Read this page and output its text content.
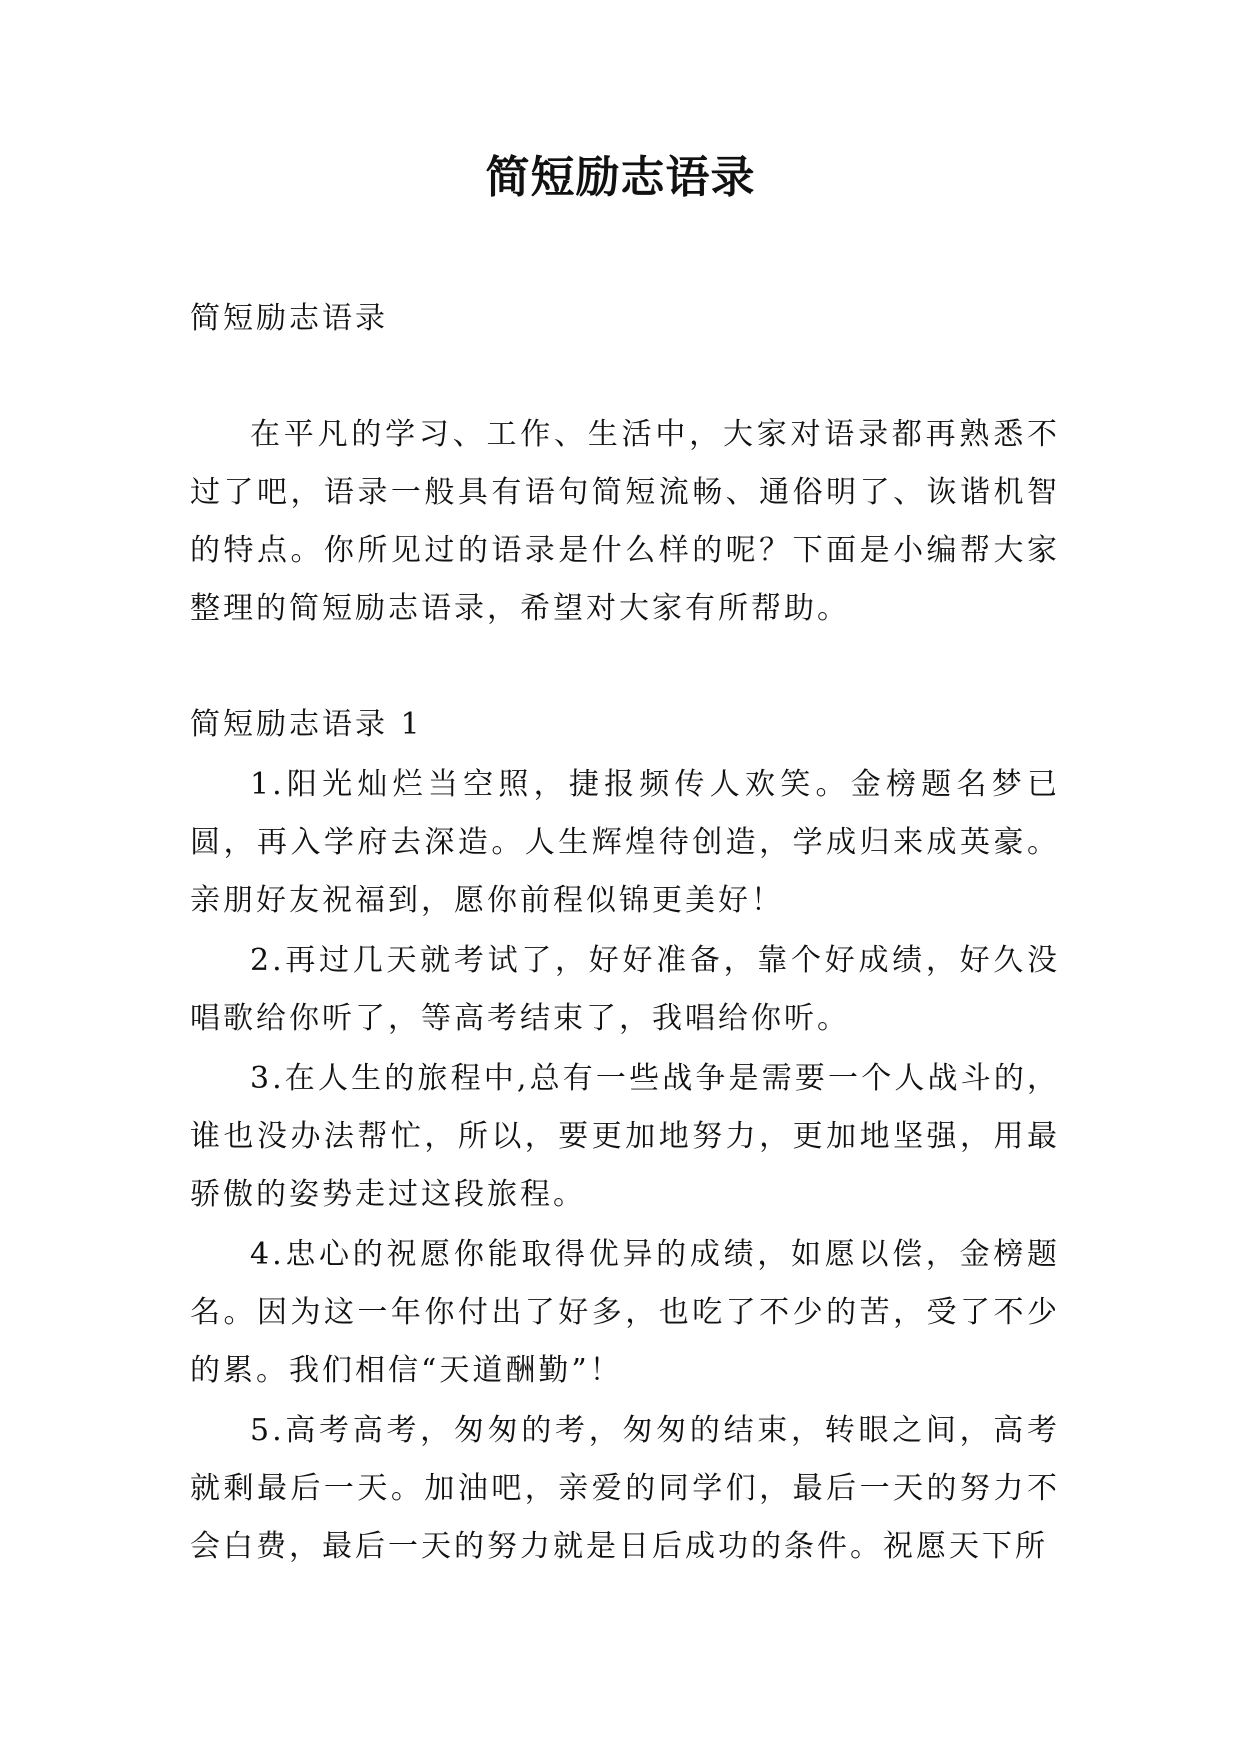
简短励志语录

简短励志语录

在平凡的学习、工作、生活中，大家对语录都再熟悉不过了吧，语录一般具有语句简短流畅、通俗明了、诙谐机智的特点。你所见过的语录是什么样的呢？下面是小编帮大家整理的简短励志语录，希望对大家有所帮助。

简短励志语录 1

1.阳光灿烂当空照，捷报频传人欢笑。金榜题名梦已圆，再入学府去深造。人生辉煌待创造，学成归来成英豪。亲朋好友祝福到，愿你前程似锦更美好！

2.再过几天就考试了，好好准备，靠个好成绩，好久没唱歌给你听了，等高考结束了，我唱给你听。

3.在人生的旅程中,总有一些战争是需要一个人战斗的，谁也没办法帮忙，所以，要更加地努力，更加地坚强，用最骄傲的姿势走过这段旅程。

4.忠心的祝愿你能取得优异的成绩，如愿以偿，金榜题名。因为这一年你付出了好多，也吃了不少的苦，受了不少的累。我们相信“天道酬勤”！

5.高考高考，匆匆的考，匆匆的结束，转眼之间，高考就剩最后一天。加油吧，亲爱的同学们，最后一天的努力不会白费，最后一天的努力就是日后成功的条件。祝愿天下所
